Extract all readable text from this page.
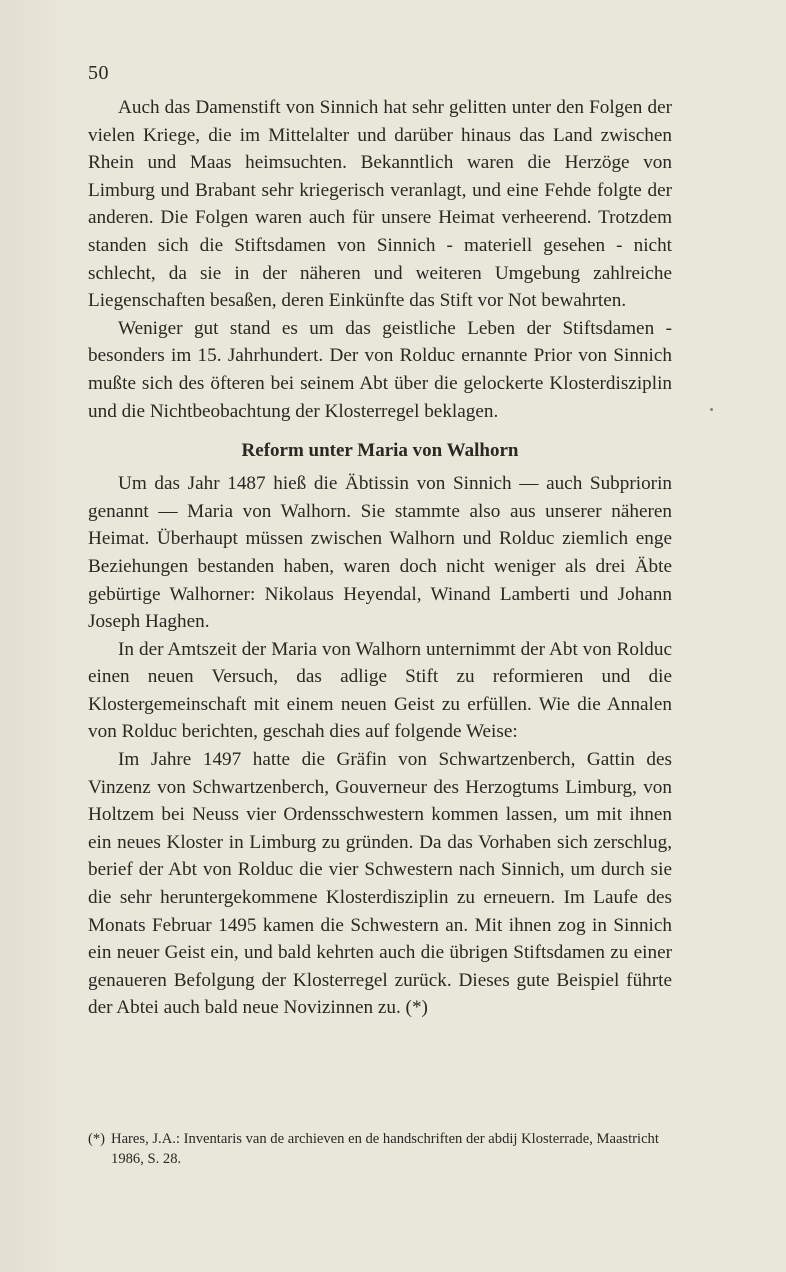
50

Auch das Damenstift von Sinnich hat sehr gelitten unter den Folgen der vielen Kriege, die im Mittelalter und darüber hinaus das Land zwischen Rhein und Maas heimsuchten. Bekanntlich waren die Herzöge von Limburg und Brabant sehr kriegerisch veranlagt, und eine Fehde folgte der anderen. Die Folgen waren auch für unsere Heimat verheerend. Trotzdem standen sich die Stiftsdamen von Sinnich - materiell gesehen - nicht schlecht, da sie in der näheren und weiteren Umgebung zahlreiche Liegenschaften besaßen, deren Einkünfte das Stift vor Not bewahrten.

Weniger gut stand es um das geistliche Leben der Stiftsdamen - besonders im 15. Jahrhundert. Der von Rolduc ernannte Prior von Sinnich mußte sich des öfteren bei seinem Abt über die gelockerte Klosterdisziplin und die Nichtbeobachtung der Klosterregel beklagen.

Reform unter Maria von Walhorn

Um das Jahr 1487 hieß die Äbtissin von Sinnich — auch Subpriorin genannt — Maria von Walhorn. Sie stammte also aus unserer näheren Heimat. Überhaupt müssen zwischen Walhorn und Rolduc ziemlich enge Beziehungen bestanden haben, waren doch nicht weniger als drei Äbte gebürtige Walhorner: Nikolaus Heyendal, Winand Lamberti und Johann Joseph Haghen.

In der Amtszeit der Maria von Walhorn unternimmt der Abt von Rolduc einen neuen Versuch, das adlige Stift zu reformieren und die Klostergemeinschaft mit einem neuen Geist zu erfüllen. Wie die Annalen von Rolduc berichten, geschah dies auf folgende Weise:

Im Jahre 1497 hatte die Gräfin von Schwartzenberch, Gattin des Vinzenz von Schwartzenberch, Gouverneur des Herzogtums Limburg, von Holtzem bei Neuss vier Ordensschwestern kommen lassen, um mit ihnen ein neues Kloster in Limburg zu gründen. Da das Vorhaben sich zerschlug, berief der Abt von Rolduc die vier Schwestern nach Sinnich, um durch sie die sehr heruntergekommene Klosterdisziplin zu erneuern. Im Laufe des Monats Februar 1495 kamen die Schwestern an. Mit ihnen zog in Sinnich ein neuer Geist ein, und bald kehrten auch die übrigen Stiftsdamen zu einer genaueren Befolgung der Klosterregel zurück. Dieses gute Beispiel führte der Abtei auch bald neue Novizinnen zu. (*)

(*) Hares, J.A.: Inventaris van de archieven en de handschriften der abdij Klosterrade, Maastricht 1986, S. 28.
